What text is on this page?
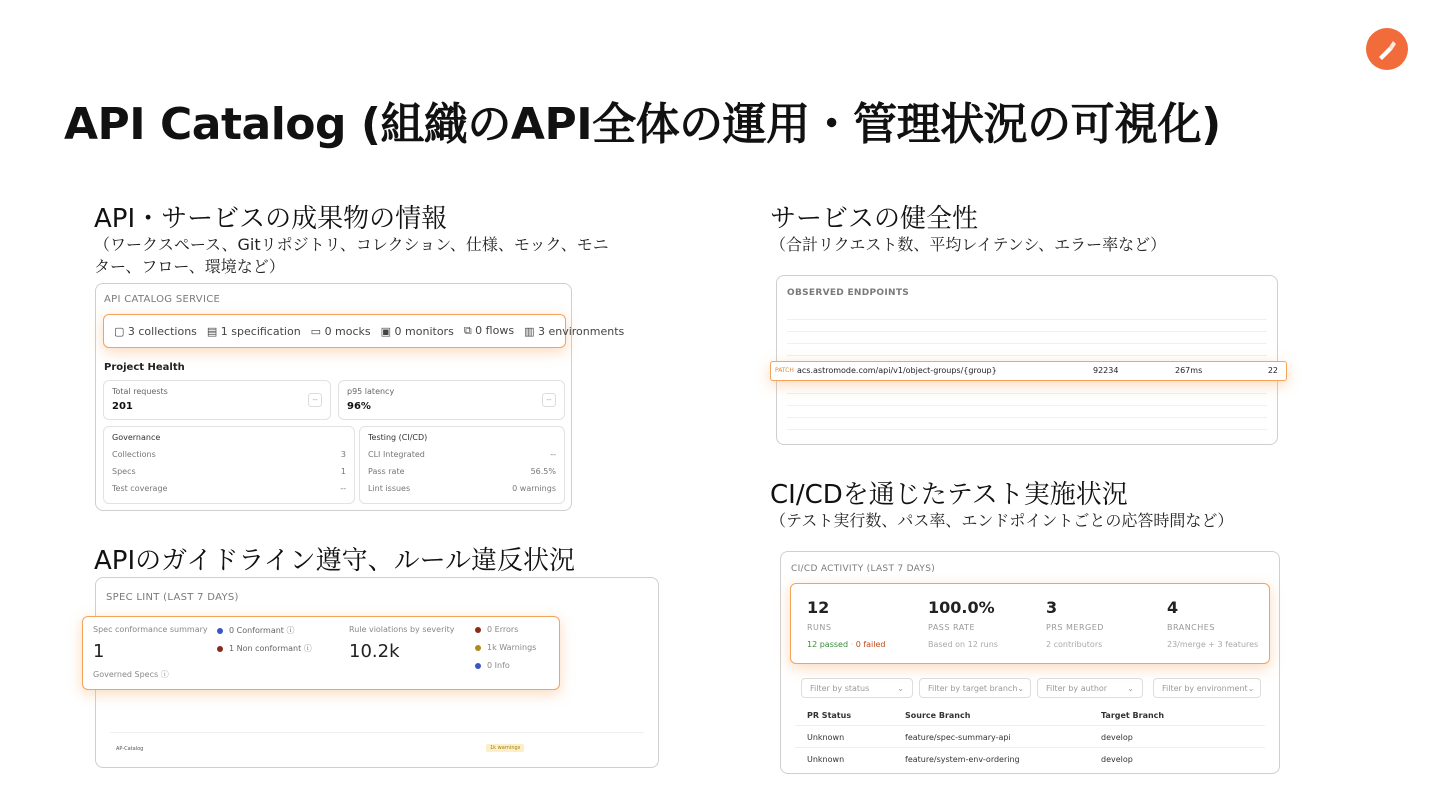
API Catalog (組織のAPI全体の運用・管理状況の可視化)
API・サービスの成果物の情報
（ワークスペース、Gitリポジトリ、コレクション、仕様、モック、モニ
ター、フロー、環境など）
API CATALOG SERVICE
▢ 3 collections ▤ 1 specification ▭ 0 mocks ▣ 0 monitors ⧉ 0 flows ▥ 3 environments
Project Health
Total requests
201
--
p95 latency
96%
--
Governance
Collections	3
Specs	1
Test coverage	--
Testing (CI/CD)
CLI Integrated	--
Pass rate	56.5%
Lint issues	0 warnings
サービスの健全性
（合計リクエスト数、平均レイテンシ、エラー率など）
OBSERVED ENDPOINTS
PATCH acs.astromode.com/api/v1/object-groups/{group}	92234	267ms	22
APIのガイドライン遵守、ルール違反状況
SPEC LINT (LAST 7 DAYS)
AP-Catalog	1k warnings
Spec conformance summary
1
Governed Specs ⓘ
0 Conformant ⓘ
1 Non conformant ⓘ
Rule violations by severity
10.2k
0 Errors
1k Warnings
0 Info
CI/CDを通じたテスト実施状況
（テスト実行数、パス率、エンドポイントごとの応答時間など）
CI/CD ACTIVITY (LAST 7 DAYS)
Filter by status	⌄	Filter by target branch ⌄	Filter by author	⌄	Filter by environment ⌄
PR Status	Source Branch	Target Branch
Unknown	feature/spec-summary-api	develop
Unknown	feature/system-env-ordering	develop
12
RUNS
12 passed · 0 failed
100.0%
PASS RATE
Based on 12 runs
3
PRS MERGED
2 contributors
4
BRANCHES
23/merge + 3 features
